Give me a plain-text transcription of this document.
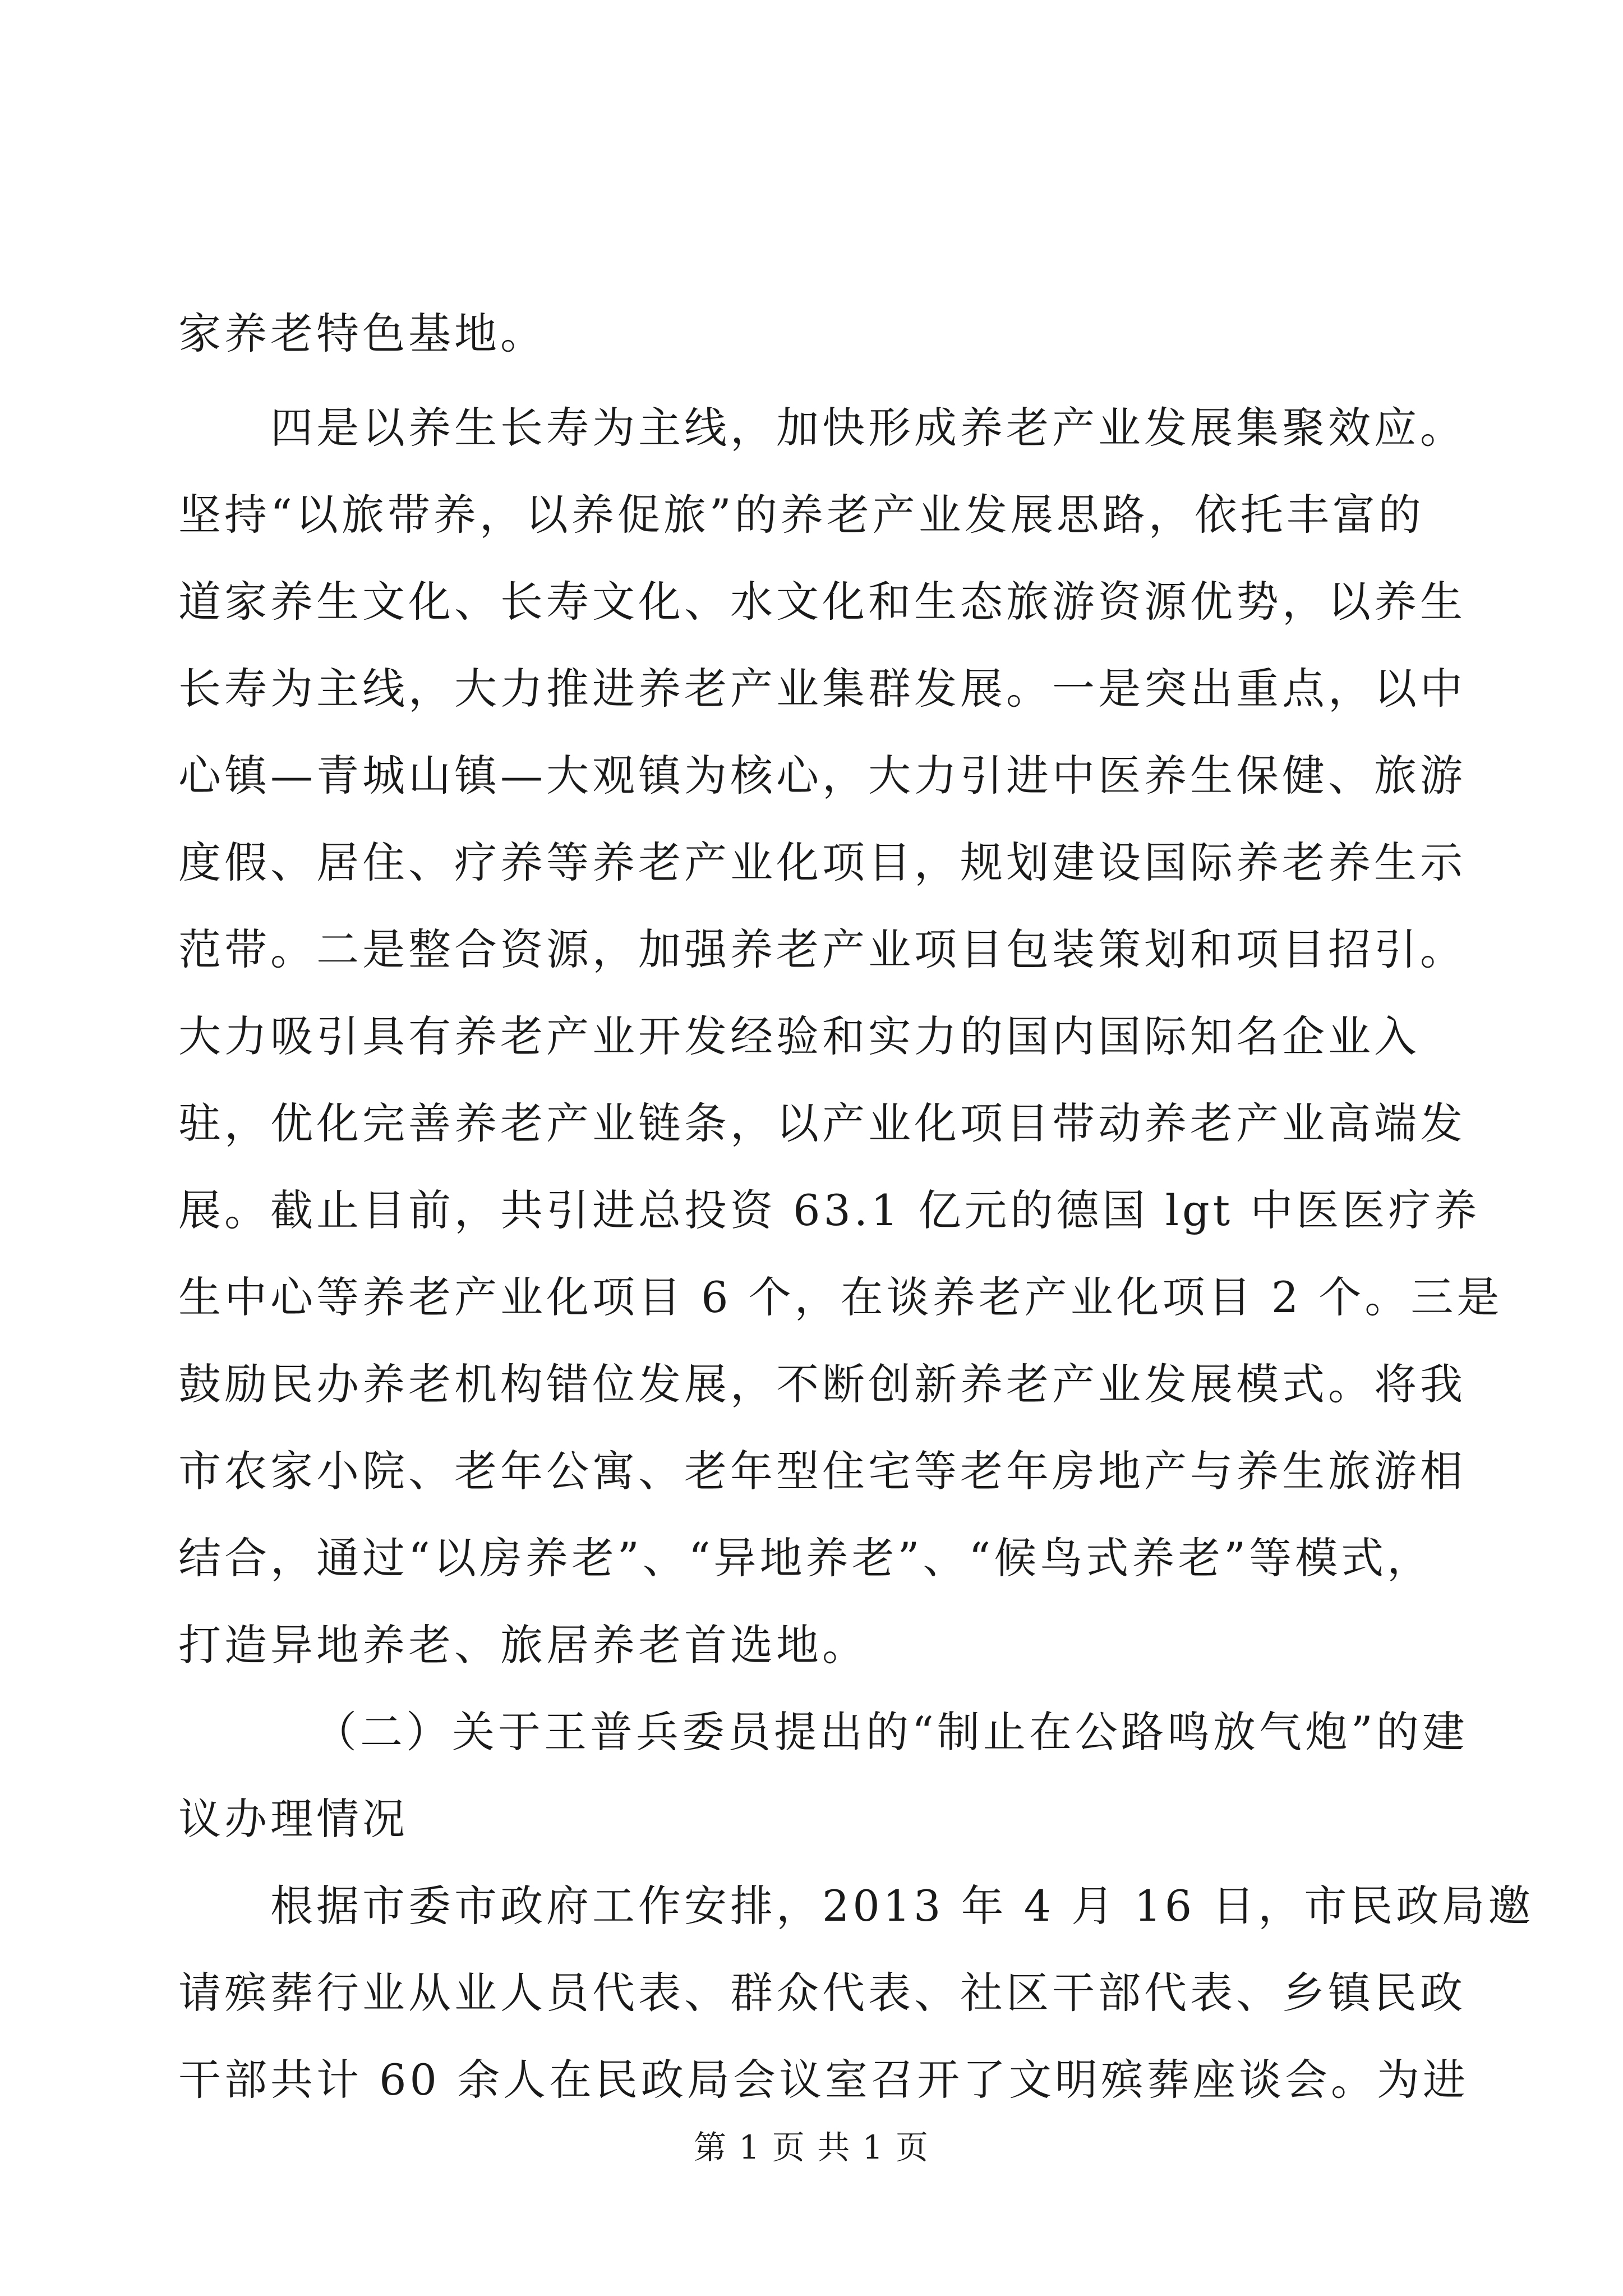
家养老特色基地。
四是以养生长寿为主线，加快形成养老产业发展集聚效应。
坚持“以旅带养，以养促旅”的养老产业发展思路，依托丰富的
道家养生文化、长寿文化、水文化和生态旅游资源优势，以养生
长寿为主线，大力推进养老产业集群发展。一是突出重点，以中
心镇—青城山镇—大观镇为核心，大力引进中医养生保健、旅游
度假、居住、疗养等养老产业化项目，规划建设国际养老养生示
范带。二是整合资源，加强养老产业项目包装策划和项目招引。
大力吸引具有养老产业开发经验和实力的国内国际知名企业入
驻，优化完善养老产业链条，以产业化项目带动养老产业高端发
展。截止目前，共引进总投资 63.1 亿元的德国 lgt 中医医疗养
生中心等养老产业化项目 6 个，在谈养老产业化项目 2 个。三是
鼓励民办养老机构错位发展，不断创新养老产业发展模式。将我
市农家小院、老年公寓、老年型住宅等老年房地产与养生旅游相
结合，通过“以房养老”、“异地养老”、“候鸟式养老”等模式，
打造异地养老、旅居养老首选地。
（二）关于王普兵委员提出的“制止在公路鸣放气炮”的建
议办理情况
根据市委市政府工作安排，2013 年 4 月 16 日，市民政局邀
请殡葬行业从业人员代表、群众代表、社区干部代表、乡镇民政
干部共计 60 余人在民政局会议室召开了文明殡葬座谈会。为进
第 1 页 共 1 页
